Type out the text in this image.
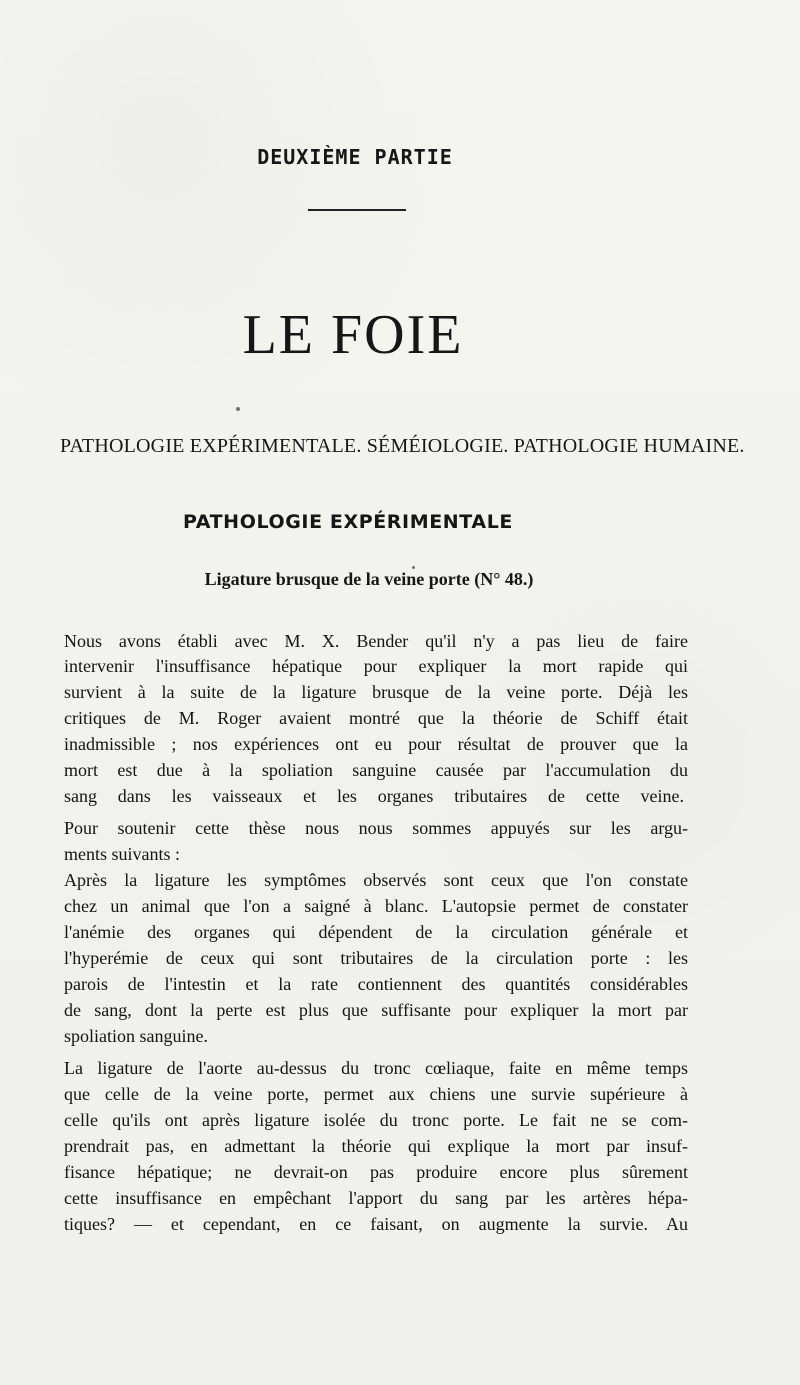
DEUXIÈME PARTIE
LE FOIE
PATHOLOGIE EXPÉRIMENTALE. SÉMÉIOLOGIE. PATHOLOGIE HUMAINE.
PATHOLOGIE EXPÉRIMENTALE
Ligature brusque de la veine porte (N° 48.)
Nous avons établi avec M. X. Bender qu'il n'y a pas lieu de faire
intervenir l'insuffisance hépatique pour expliquer la mort rapide qui
survient à la suite de la ligature brusque de la veine porte. Déjà les
critiques de M. Roger avaient montré que la théorie de Schiff était
inadmissible ; nos expériences ont eu pour résultat de prouver que la
mort est due à la spoliation sanguine causée par l'accumulation du
sang dans les vaisseaux et les organes tributaires de cette veine.
Pour soutenir cette thèse nous nous sommes appuyés sur les argu-
ments suivants :
Après la ligature les symptômes observés sont ceux que l'on constate
chez un animal que l'on a saigné à blanc. L'autopsie permet de constater
l'anémie des organes qui dépendent de la circulation générale et
l'hyperémie de ceux qui sont tributaires de la circulation porte : les
parois de l'intestin et la rate contiennent des quantités considérables
de sang, dont la perte est plus que suffisante pour expliquer la mort par
spoliation sanguine.
La ligature de l'aorte au-dessus du tronc cœliaque, faite en même temps
que celle de la veine porte, permet aux chiens une survie supérieure à
celle qu'ils ont après ligature isolée du tronc porte. Le fait ne se com-
prendrait pas, en admettant la théorie qui explique la mort par insuf-
fisance hépatique; ne devrait-on pas produire encore plus sûrement
cette insuffisance en empêchant l'apport du sang par les artères hépa-
tiques? — et cependant, en ce faisant, on augmente la survie. Au
